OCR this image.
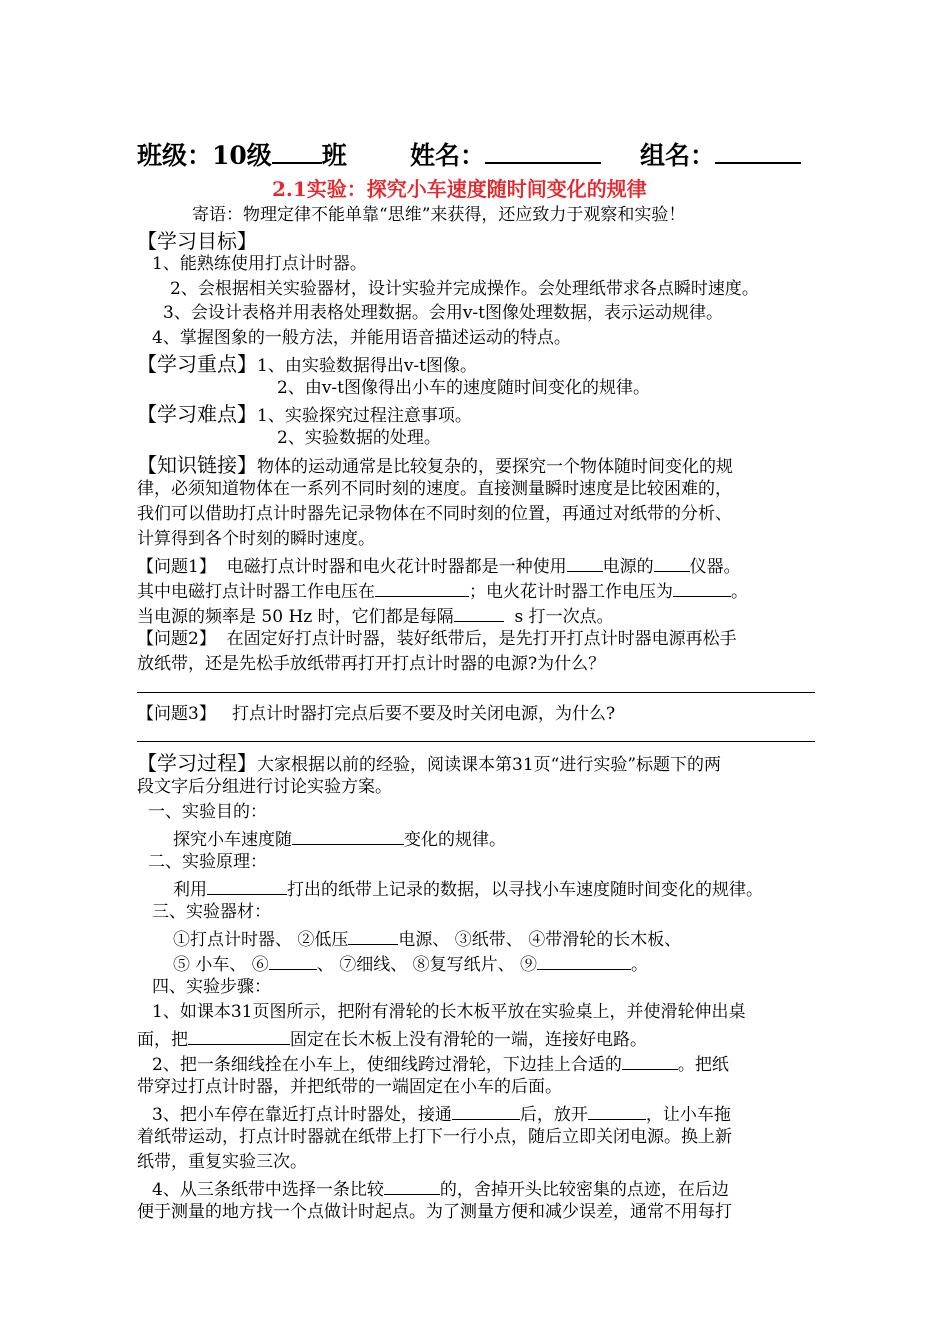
班级：10级 班	姓名：	组名：
2.1实验：探究小车速度随时间变化的规律
寄语：物理定律不能单靠“思维”来获得，还应致力于观察和实验！
【学习目标】
1、能熟练使用打点计时器。
2、会根据相关实验器材，设计实验并完成操作。会处理纸带求各点瞬时速度。
3、会设计表格并用表格处理数据。会用v-t图像处理数据，表示运动规律。
4、掌握图象的一般方法，并能用语音描述运动的特点。
【学习重点】1、由实验数据得出v-t图像。
2、由v-t图像得出小车的速度随时间变化的规律。
【学习难点】1、实验探究过程注意事项。
2、实验数据的处理。
【知识链接】物体的运动通常是比较复杂的，要探究一个物体随时间变化的规
律，必须知道物体在一系列不同时刻的速度。直接测量瞬时速度是比较困难的，
我们可以借助打点计时器先记录物体在不同时刻的位置，再通过对纸带的分析、
计算得到各个时刻的瞬时速度。
【问题1】 电磁打点计时器和电火花计时器都是一种使用 电源的 仪器。
其中电磁打点计时器工作电压在	；电火花计时器工作电压为	。
当电源的频率是 50 Hz 时，它们都是每隔	s 打一次点。
【问题2】 在固定好打点计时器，装好纸带后，是先打开打点计时器电源再松手
放纸带，还是先松手放纸带再打开打点计时器的电源?为什么？
【问题3】 打点计时器打完点后要不要及时关闭电源，为什么?
【学习过程】大家根据以前的经验，阅读课本第31页“进行实验”标题下的两
段文字后分组进行讨论实验方案。
一、实验目的：
探究小车速度随	变化的规律。
二、实验原理：
利用	打出的纸带上记录的数据，以寻找小车速度随时间变化的规律。
三、实验器材：
①打点计时器、 ②低压	电源、 ③纸带、 ④带滑轮的长木板、
⑤ 小车、 ⑥	、 ⑦细线、 ⑧复写纸片、 ⑨	。
四、实验步骤：
1、如课本31页图所示，把附有滑轮的长木板平放在实验桌上，并使滑轮伸出桌
面，把	固定在长木板上没有滑轮的一端，连接好电路。
2、把一条细线拴在小车上，使细线跨过滑轮，下边挂上合适的	。把纸
带穿过打点计时器，并把纸带的一端固定在小车的后面。
3、把小车停在靠近打点计时器处，接通	后，放开	，让小车拖
着纸带运动，打点计时器就在纸带上打下一行小点，随后立即关闭电源。换上新
纸带，重复实验三次。
4、从三条纸带中选择一条比较	的，舍掉开头比较密集的点迹，在后边
便于测量的地方找一个点做计时起点。为了测量方便和减少误差，通常不用每打
